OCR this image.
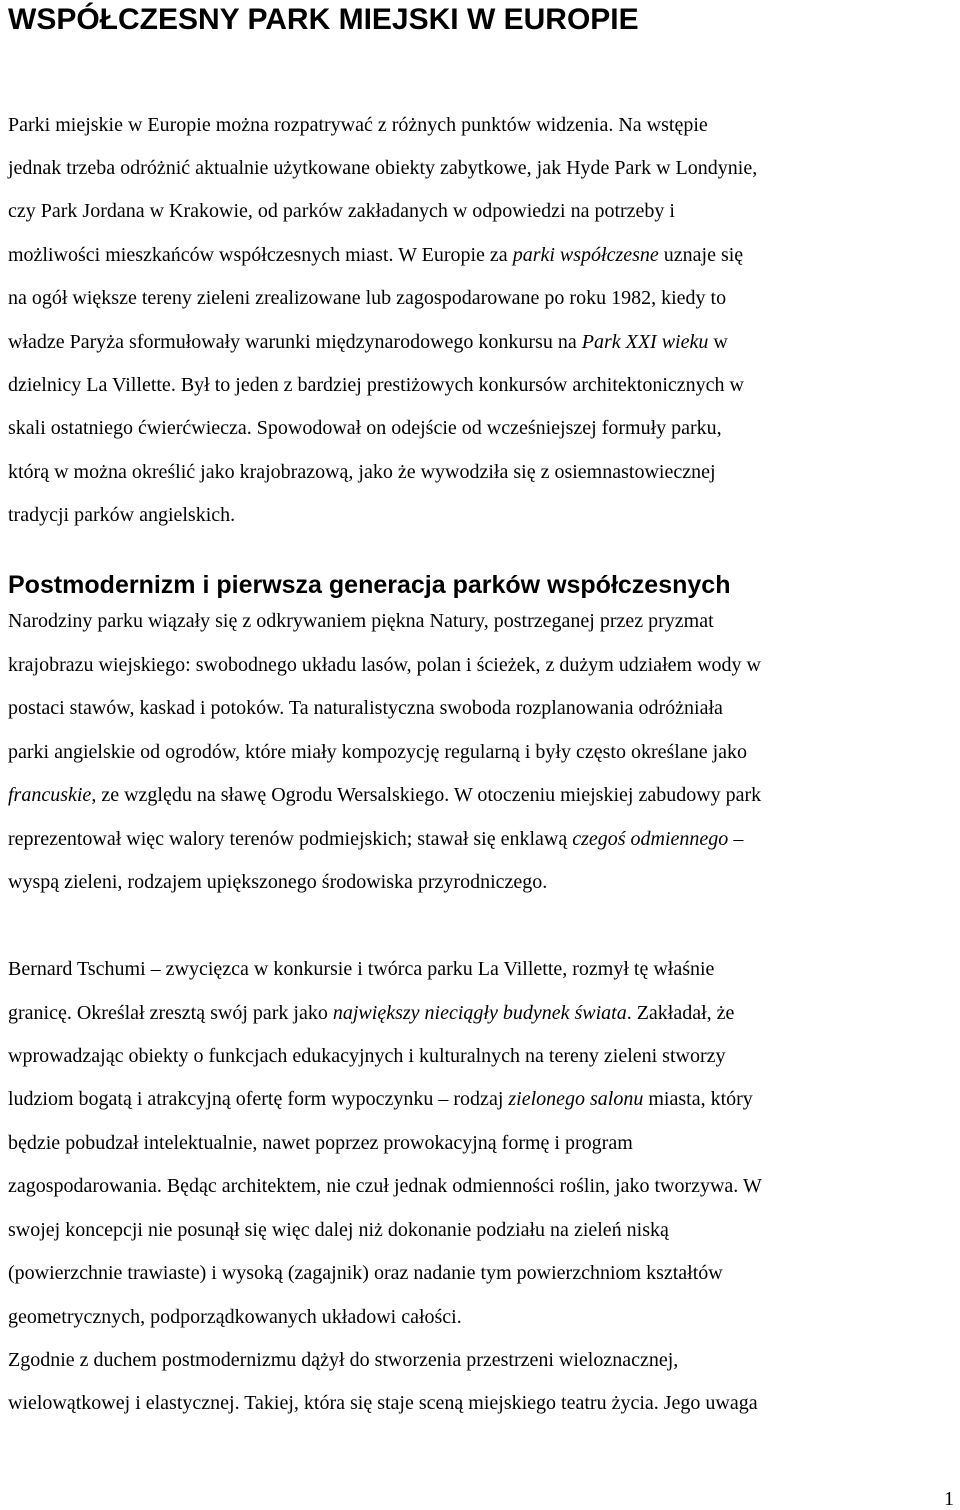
WSPÓŁCZESNY PARK MIEJSKI W EUROPIE
Postmodernizm i pierwsza generacja parków współczesnych

Parki miejskie w Europie można rozpatrywać z różnych punktów widzenia. Na wstępie

jednak trzeba odróżnić aktualnie użytkowane obiekty zabytkowe, jak Hyde Park w Londynie,

czy Park Jordana w Krakowie, od parków zakładanych w odpowiedzi na potrzeby i

możliwości mieszkańców współczesnych miast. W Europie za parki współczesne uznaje się

na ogół większe tereny zieleni zrealizowane lub zagospodarowane po roku 1982, kiedy to

władze Paryża sformułowały warunki międzynarodowego konkursu na Park XXI wieku w

dzielnicy La Villette. Był to jeden z bardziej prestiżowych konkursów architektonicznych w

skali ostatniego ćwierćwiecza. Spowodował on odejście od wcześniejszej formuły parku,

którą w można określić jako krajobrazową, jako że wywodziła się z osiemnastowiecznej

tradycji parków angielskich.

Narodziny parku wiązały się z odkrywaniem piękna Natury, postrzeganej przez pryzmat

krajobrazu wiejskiego: swobodnego układu lasów, polan i ścieżek, z dużym udziałem wody w

postaci stawów, kaskad i potoków. Ta naturalistyczna swoboda rozplanowania odróżniała

parki angielskie od ogrodów, które miały kompozycję regularną i były często określane jako

francuskie, ze względu na sławę Ogrodu Wersalskiego. W otoczeniu miejskiej zabudowy park

reprezentował więc walory terenów podmiejskich; stawał się enklawą czegoś odmiennego –

wyspą zieleni, rodzajem upiększonego środowiska przyrodniczego.

Bernard Tschumi – zwycięzca w konkursie i twórca parku La Villette, rozmył tę właśnie

granicę. Określał zresztą swój park jako największy nieciągły budynek świata. Zakładał, że

wprowadzając obiekty o funkcjach edukacyjnych i kulturalnych na tereny zieleni stworzy

ludziom bogatą i atrakcyjną ofertę form wypoczynku – rodzaj zielonego salonu miasta, który

będzie pobudzał intelektualnie, nawet poprzez prowokacyjną formę i program

zagospodarowania. Będąc architektem, nie czuł jednak odmienności roślin, jako tworzywa. W

swojej koncepcji nie posunął się więc dalej niż dokonanie podziału na zieleń niską

(powierzchnie trawiaste) i wysoką (zagajnik) oraz nadanie tym powierzchniom kształtów

geometrycznych, podporządkowanych układowi całości.

Zgodnie z duchem postmodernizmu dążył do stworzenia przestrzeni wieloznacznej,

wielowątkowej i elastycznej. Takiej, która się staje sceną miejskiego teatru życia. Jego uwaga

1
